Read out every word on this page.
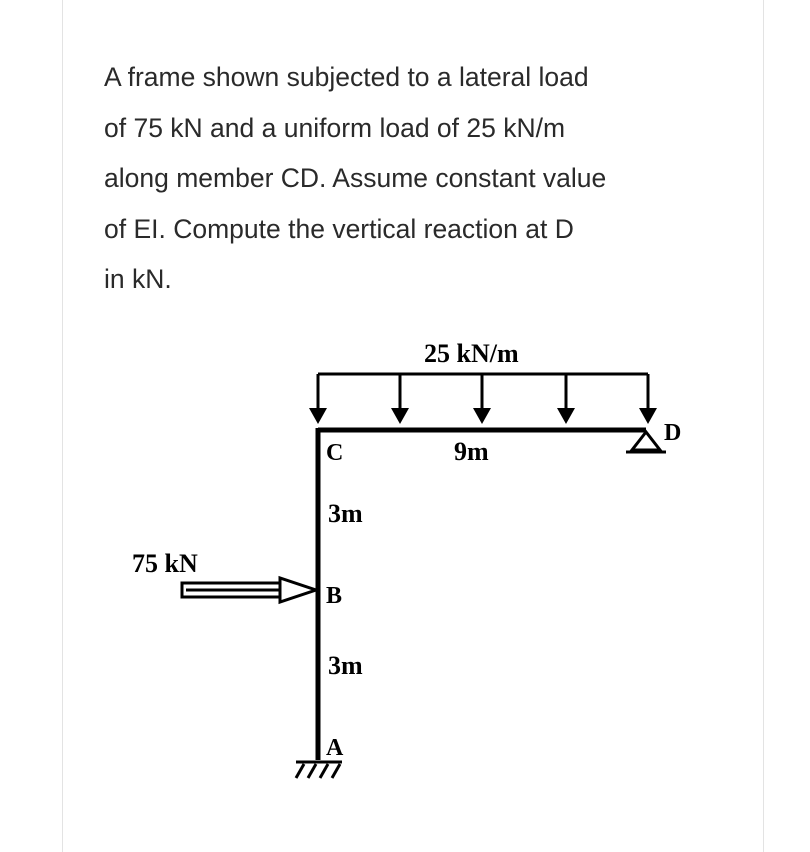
A frame shown subjected to a lateral load
of 75 kN and a uniform load of 25 kN/m
along member CD. Assume constant value
of EI. Compute the vertical reaction at D
in kN.
25 kN/m
9m
75 kN
3m
3m
C
B
A
D
